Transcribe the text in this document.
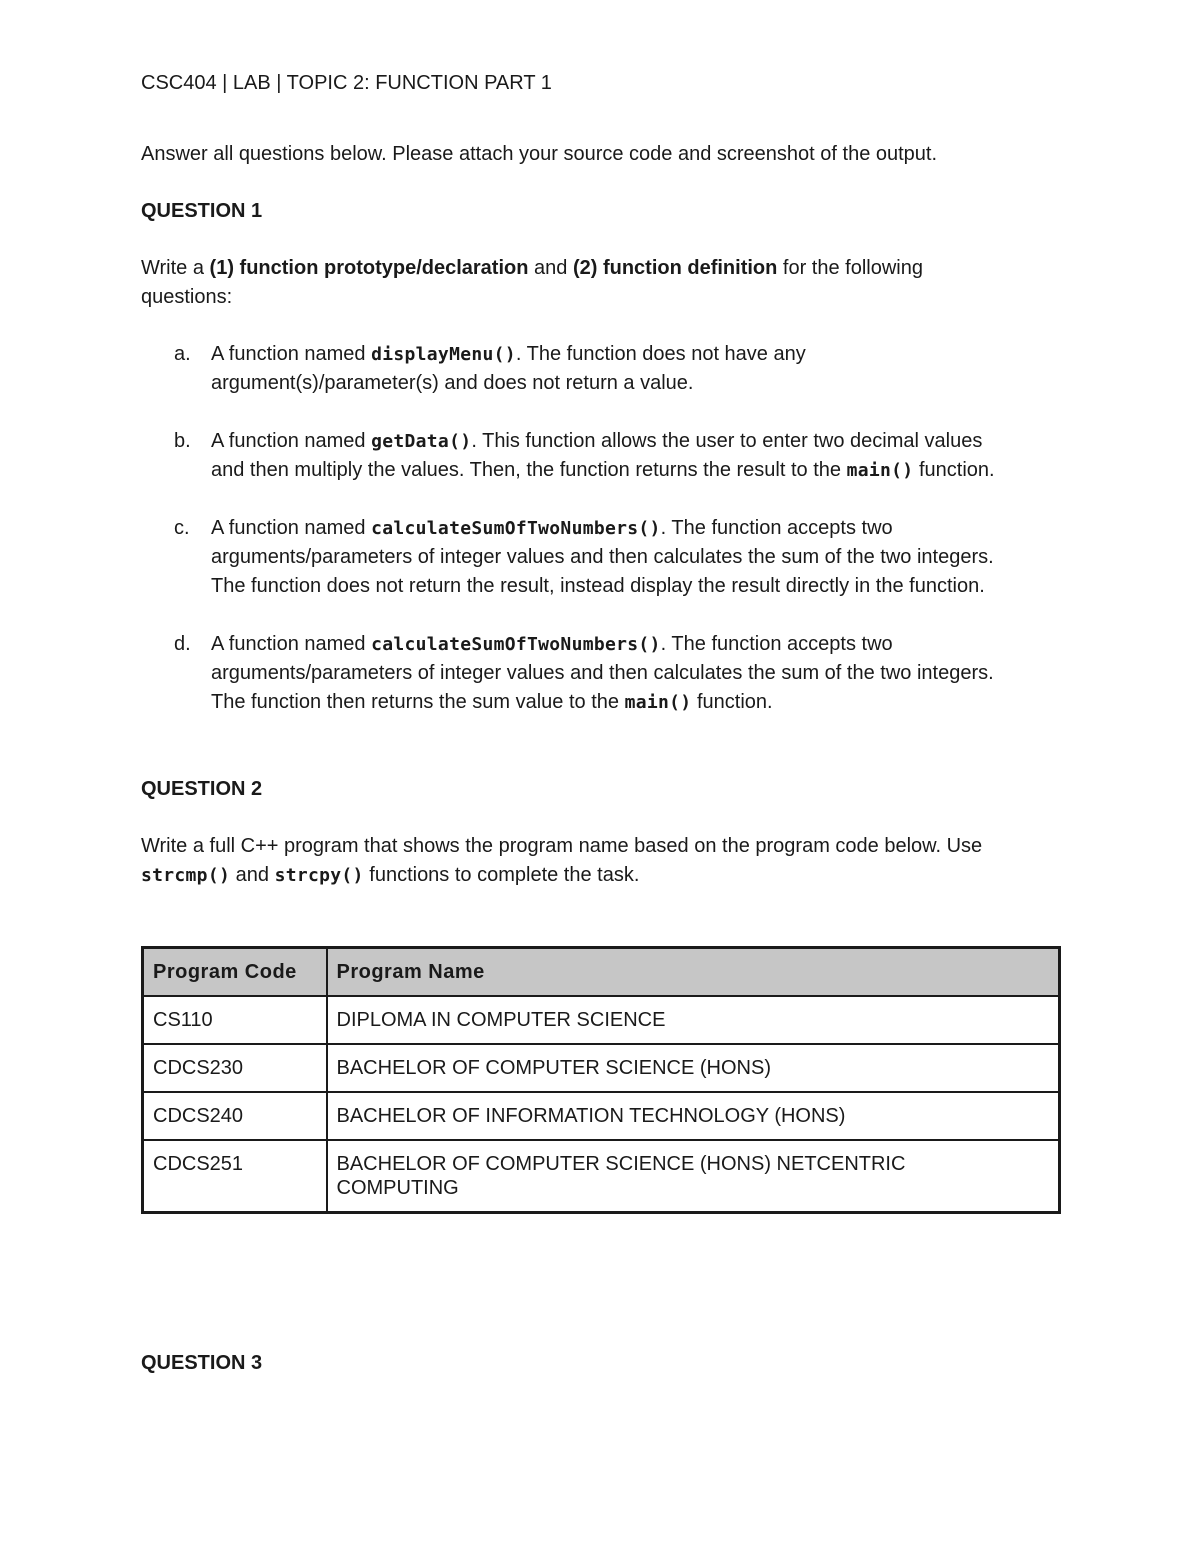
CSC404 | LAB | TOPIC 2: FUNCTION PART 1
Answer all questions below. Please attach your source code and screenshot of the output.
QUESTION 1
Write a (1) function prototype/declaration and (2) function definition for the following
questions:
a. A function named displayMenu(). The function does not have any
argument(s)/parameter(s) and does not return a value.
b. A function named getData(). This function allows the user to enter two decimal values
and then multiply the values. Then, the function returns the result to the main() function.
c. A function named calculateSumOfTwoNumbers(). The function accepts two
arguments/parameters of integer values and then calculates the sum of the two integers.
The function does not return the result, instead display the result directly in the function.
d. A function named calculateSumOfTwoNumbers(). The function accepts two
arguments/parameters of integer values and then calculates the sum of the two integers.
The function then returns the sum value to the main() function.
QUESTION 2
Write a full C++ program that shows the program name based on the program code below. Use
strcmp() and strcpy() functions to complete the task.
QUESTION 3
Program Code	Program Name
CS110	DIPLOMA IN COMPUTER SCIENCE
CDCS230	BACHELOR OF COMPUTER SCIENCE (HONS)
CDCS240	BACHELOR OF INFORMATION TECHNOLOGY (HONS)
CDCS251	BACHELOR OF COMPUTER SCIENCE (HONS) NETCENTRIC
COMPUTING
